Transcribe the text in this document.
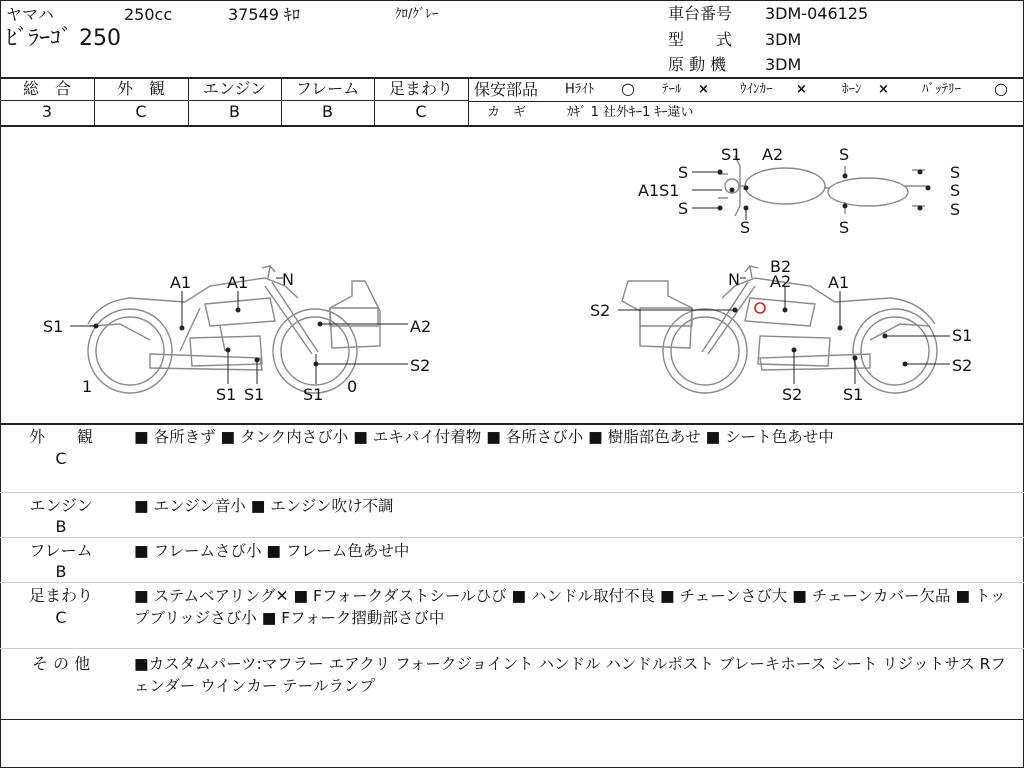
ヤマハ	250cc	37549 ｷﾛ	ｸﾛ/ｸﾞﾚｰ
ﾋﾞﾗｰｺﾞ 250
車台番号 3DM-046125
型　　式 3DM
原 動 機 3DM
総　合	外　観	エンジン	フレーム	足まわり
3	C	B	B	C
保安部品 Hﾗｲﾄ ○ ﾃｰﾙ × ｳｲﾝｶｰ ×	ﾎｰﾝ ×	ﾊﾞｯﾃﾘｰ ○
カ　ギ	ｶｷﾞ 1 社外ｷｰ1 ｷｰ違い
A1 A1 N
S1	A2
S2
S1 S1 S1
1	0
N
B2
A2 A1
S2
S1
S2
S2	S1
S1 A2	S
S
A1S1
S
S	S
S
S
S
外　　観
C
■ 各所きず ■ タンク内さび小 ■ エキパイ付着物 ■ 各所さび小 ■ 樹脂部色あせ ■ シート色あせ中
エンジン
B
■ エンジン音小 ■ エンジン吹け不調
フレーム
B
■ フレームさび小 ■ フレーム色あせ中
足まわり
C
■ ステムベアリング✕ ■ Fフォークダストシールひび ■ ハンドル取付不良 ■ チェーンさび大 ■ チェーンカバー欠品 ■ トップブリッジさび小 ■ Fフォーク摺動部さび中
そ の 他	■カスタムパーツ:マフラー エアクリ フォークジョイント ハンドル ハンドルポスト ブレーキホース シート リジットサス Rフェンダー ウインカー テールランプ
